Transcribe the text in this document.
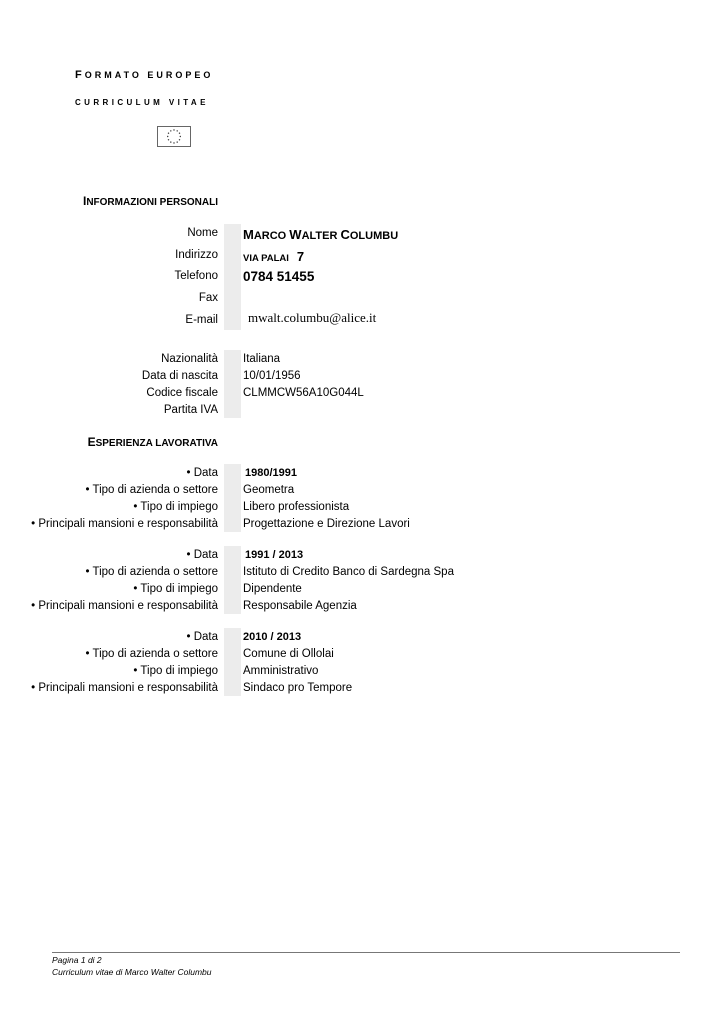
FORMATO EUROPEO
CURRICULUM VITAE
INFORMAZIONI PERSONALI
Nome MARCO WALTER COLUMBU
Indirizzo	VIA PALAI 7
Telefono 0784 51455
Fax
E-mail mwalt.columbu@alice.it
Nazionalità Italiana
Data di nascita 10/01/1956
Codice fiscale CLMMCW56A10G044L
Partita IVA
ESPERIENZA LAVORATIVA
• Data 1980/1991
• Tipo di azienda o settore Geometra
• Tipo di impiego Libero professionista
• Principali mansioni e responsabilità Progettazione e Direzione Lavori
• Data 1991 / 2013
• Tipo di azienda o settore Istituto di Credito Banco di Sardegna Spa
• Tipo di impiego Dipendente
• Principali mansioni e responsabilità Responsabile Agenzia
• Data 2010 / 2013
• Tipo di azienda o settore Comune di Ollolai
• Tipo di impiego Amministrativo
• Principali mansioni e responsabilità Sindaco pro Tempore
Pagina 1 di 2
Curriculum vitae di Marco Walter Columbu
